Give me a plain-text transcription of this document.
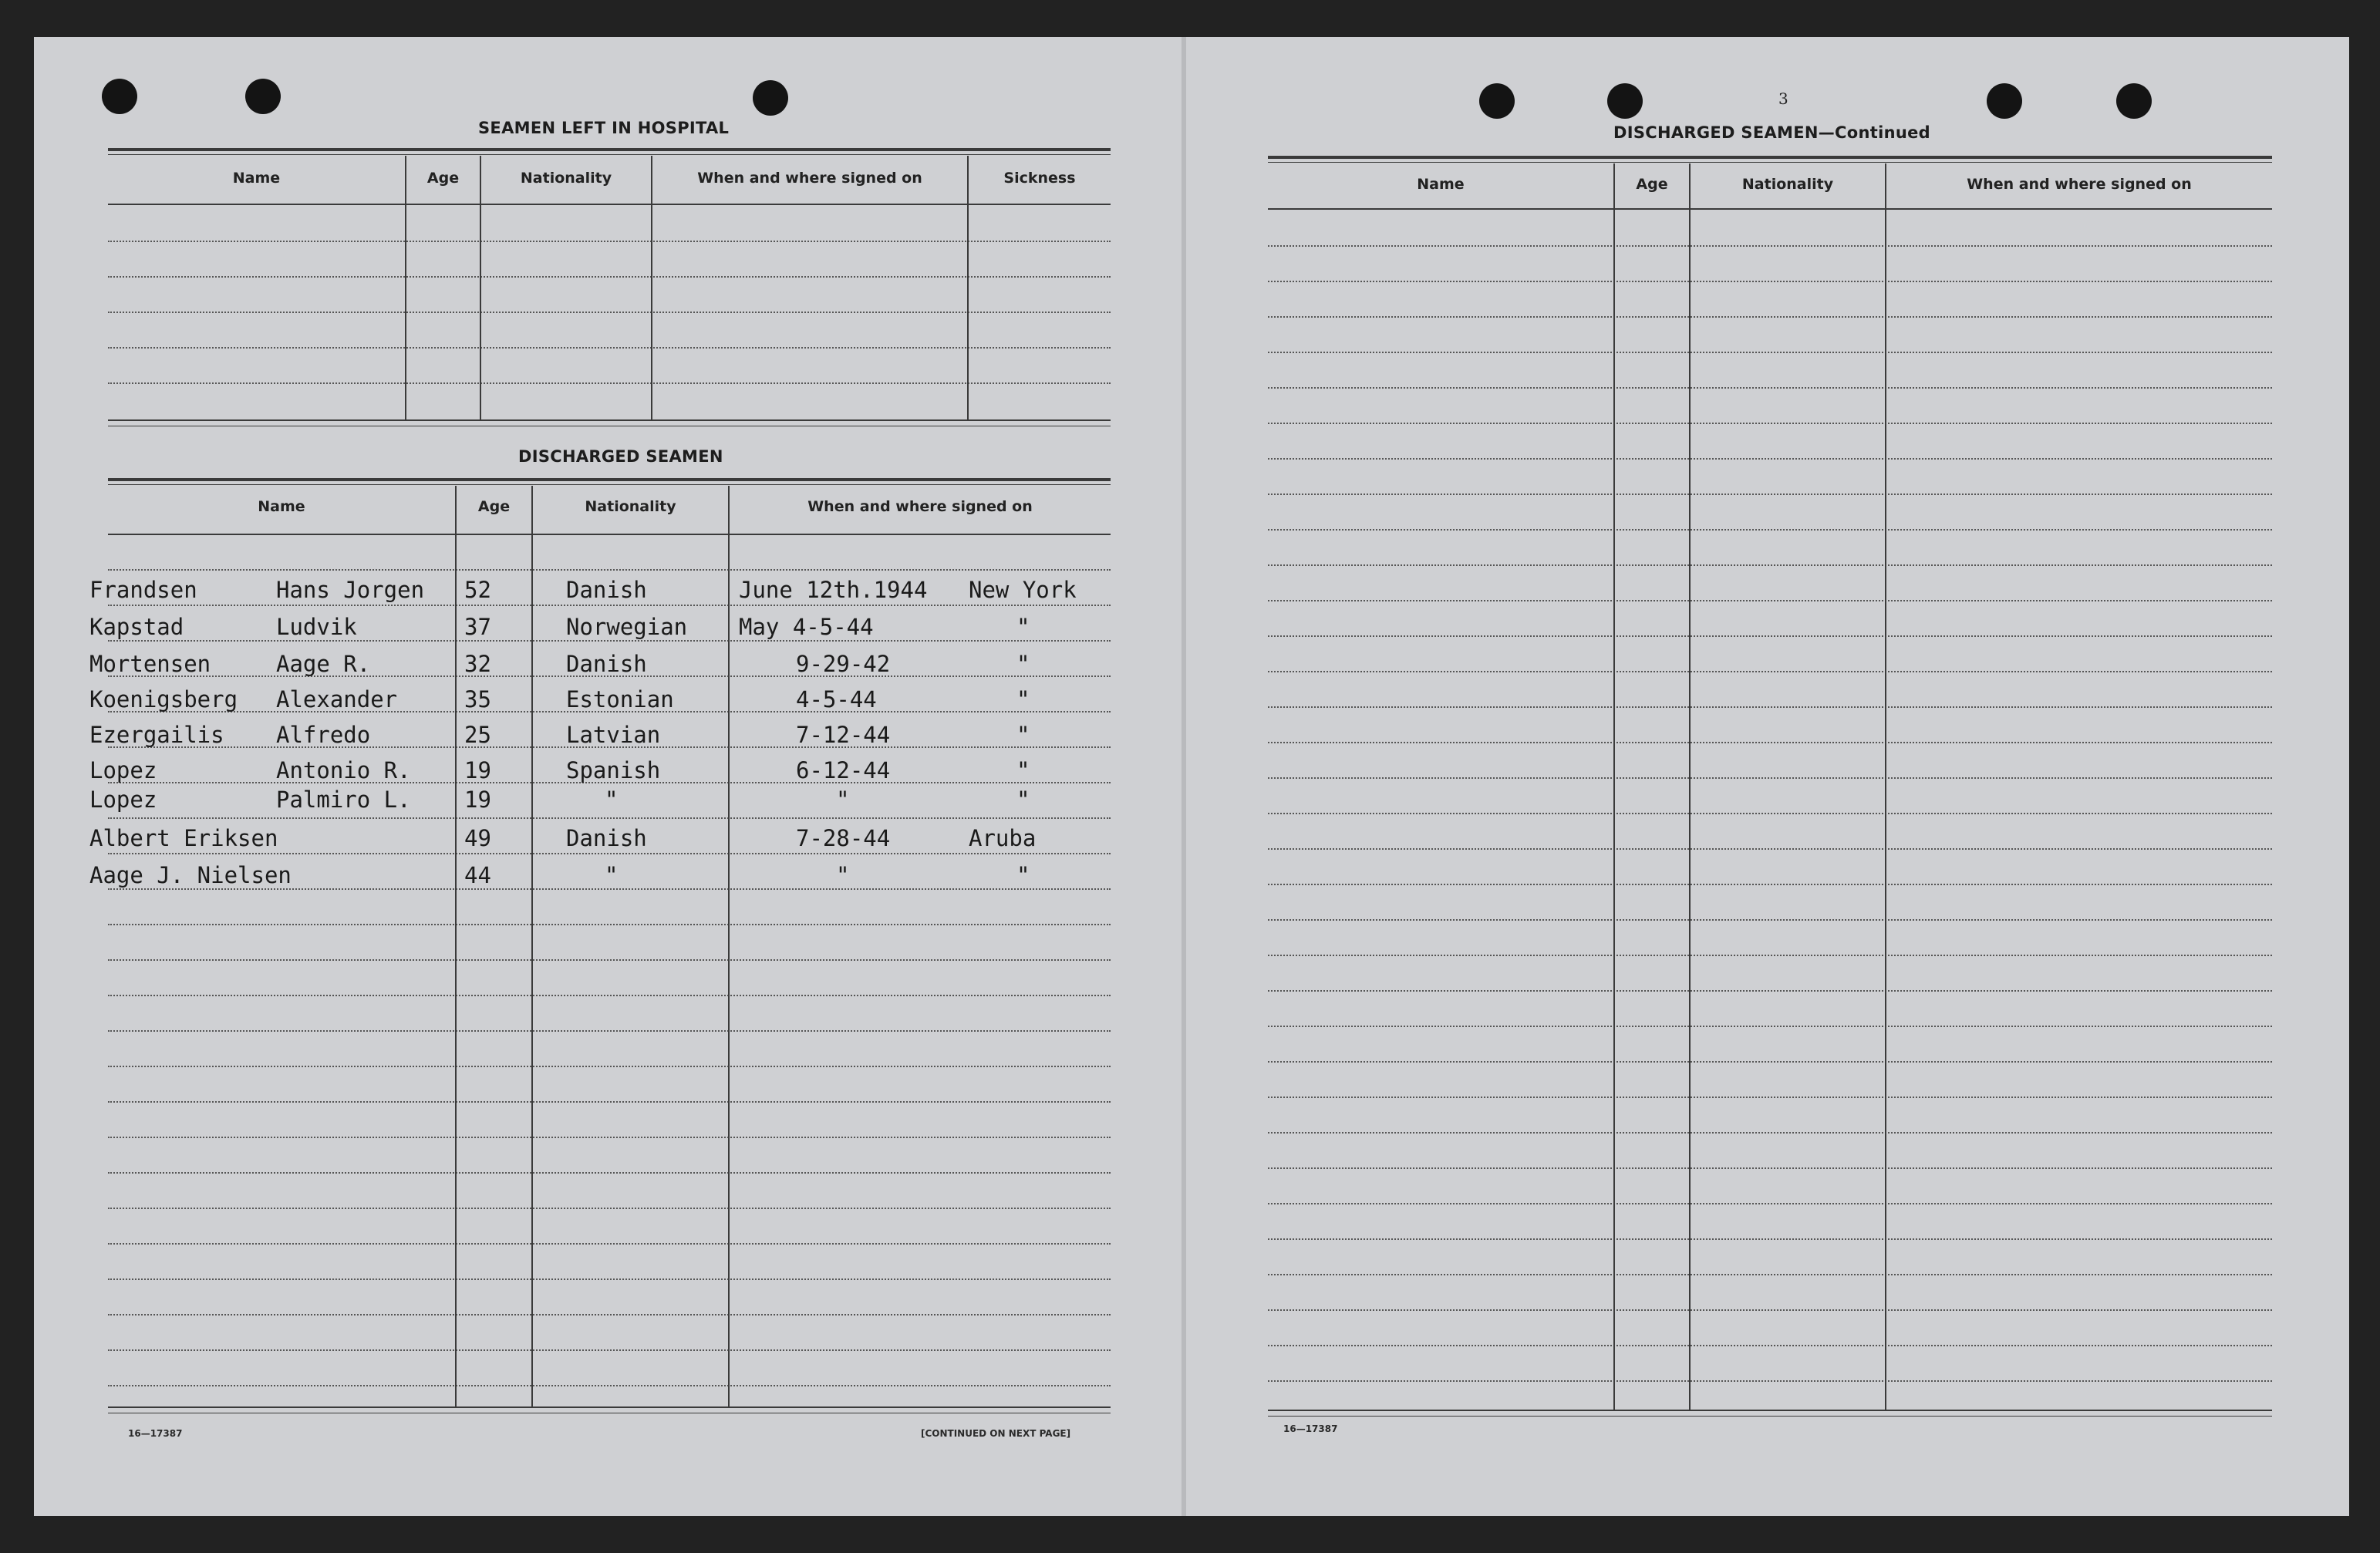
SEAMEN LEFT IN HOSPITAL
Name	Age	Nationality	When and where signed on	Sickness
DISCHARGED SEAMEN
Name	Age	Nationality	When and where signed on
Frandsen	Hans Jorgen 52	Danish	June 12th.1944 New York
Kapstad	Ludvik	37	Norwegian May 4-5-44	"
Mortensen	Aage R.	32	Danish	9-29-42	"
Koenigsberg Alexander	35	Estonian	4-5-44	"
Ezergailis Alfredo	25	Latvian	7-12-44	"
Lopez	Antonio R. 19	Spanish	6-12-44	"
Lopez	Palmiro L. 19	"	"	"
Albert Eriksen	49	Danish	7-28-44	Aruba
Aage J. Nielsen	44	"	"	"
16—17387	[CONTINUED ON NEXT PAGE]
3
DISCHARGED SEAMEN—Continued
Name	Age	Nationality	When and where signed on
16—17387
